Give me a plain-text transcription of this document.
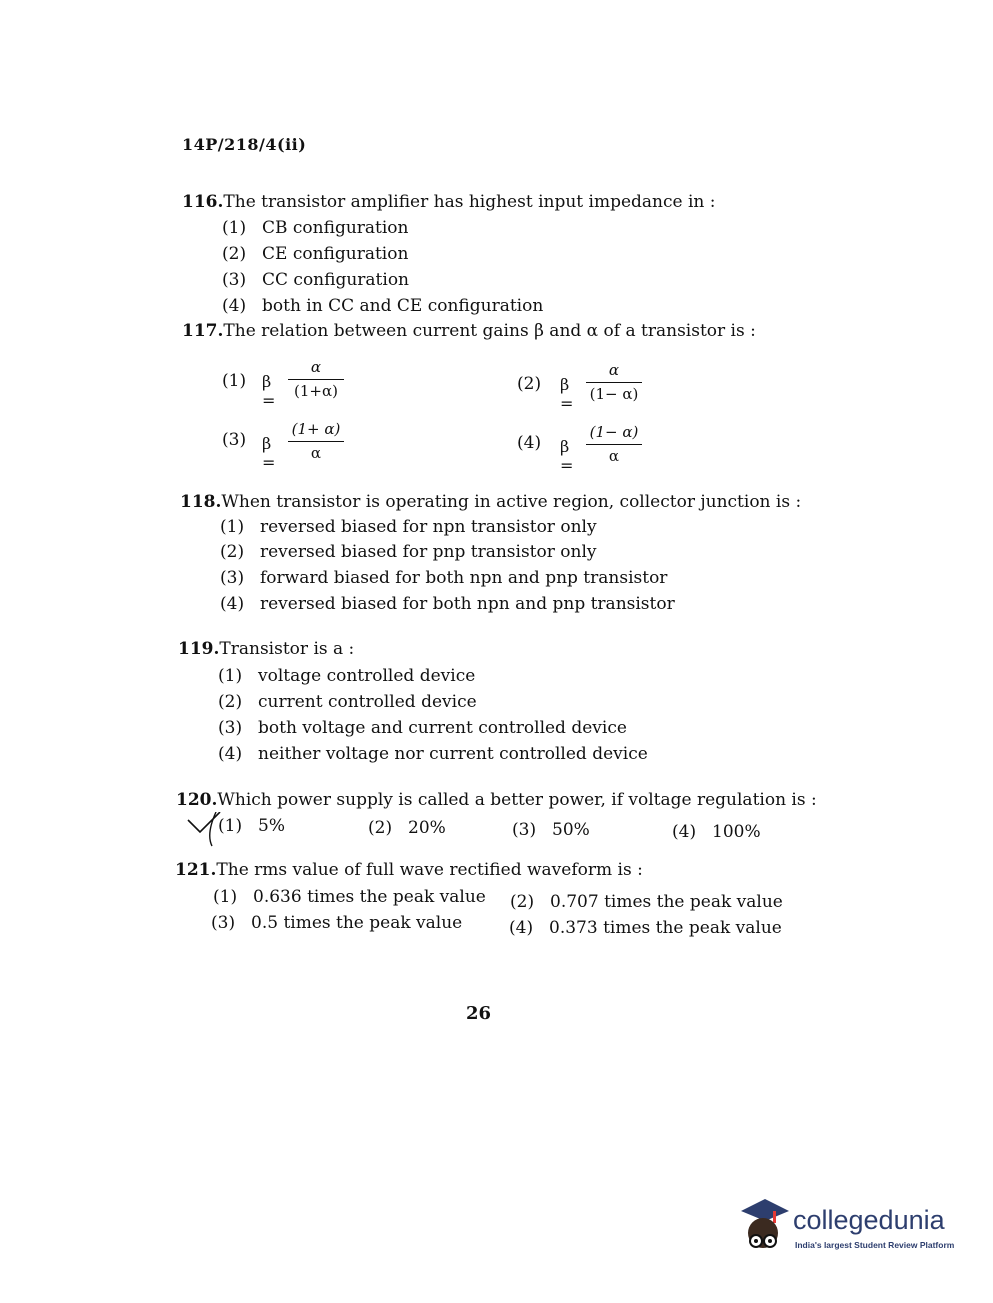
14P/218/4(ii)
116.The transistor amplifier has highest input impedance in :
(1) CB configuration
(2) CE configuration
(3) CC configuration
(4) both in CC and CE configuration
117.The relation between current gains β and α of a transistor is :
(1) β =
α
(1+α)	(2) β =
α
(1− α)
(3) β =
(1+ α)
α	(4) β =
(1− α)
α
118.When transistor is operating in active region, collector junction is :
(1) reversed biased for npn transistor only
(2) reversed biased for pnp transistor only
(3) forward biased for both npn and pnp transistor
(4) reversed biased for both npn and pnp transistor
119.Transistor is a :
(1) voltage controlled device
(2) current controlled device
(3) both voltage and current controlled device
(4) neither voltage nor current controlled device
120.Which power supply is called a better power, if voltage regulation is :
(1) 5%	(2) 20%	(3) 50%	(4) 100%
121.The rms value of full wave rectified waveform is :
(1) 0.636 times the peak value (2) 0.707 times the peak value
(3) 0.5 times the peak value	(4) 0.373 times the peak value
26
collegedunia
India's largest Student Review Platform
